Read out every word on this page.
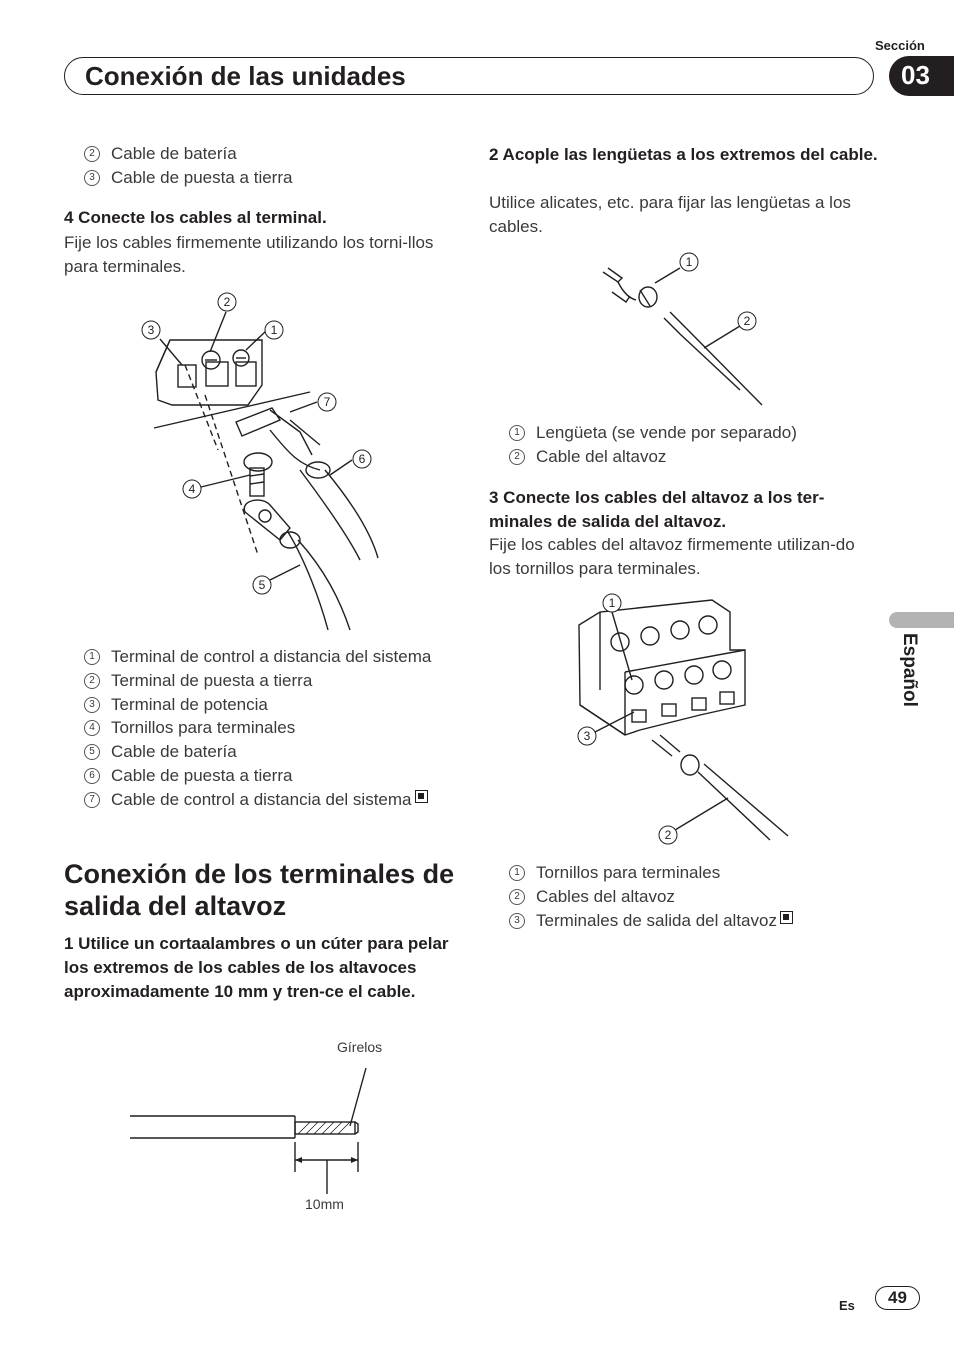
Sección
Conexión de las unidades	03
Español
2 Cable de batería
3 Cable de puesta a tierra
4 Conecte los cables al terminal.
Fije los cables firmemente utilizando los torni-llos para terminales.
1
2
3
4
5
6
7
1 Terminal de control a distancia del sistema
2 Terminal de puesta a tierra
3 Terminal de potencia
4 Tornillos para terminales
5 Cable de batería
6 Cable de puesta a tierra
7 Cable de control a distancia del sistema
Conexión de los terminales de salida del altavoz
1 Utilice un cortaalambres o un cúter para pelar los extremos de los cables de los altavoces aproximadamente 10 mm y tren-ce el cable.
Gírelos
10mm
2 Acople las lengüetas a los extremos del cable.
Utilice alicates, etc. para fijar las lengüetas a los cables.
1
2
1 Lengüeta (se vende por separado)
2 Cable del altavoz
3 Conecte los cables del altavoz a los ter-minales de salida del altavoz.
Fije los cables del altavoz firmemente utilizan-do los tornillos para terminales.
1
3
2
1 Tornillos para terminales
2 Cables del altavoz
3 Terminales de salida del altavoz
Es	49
